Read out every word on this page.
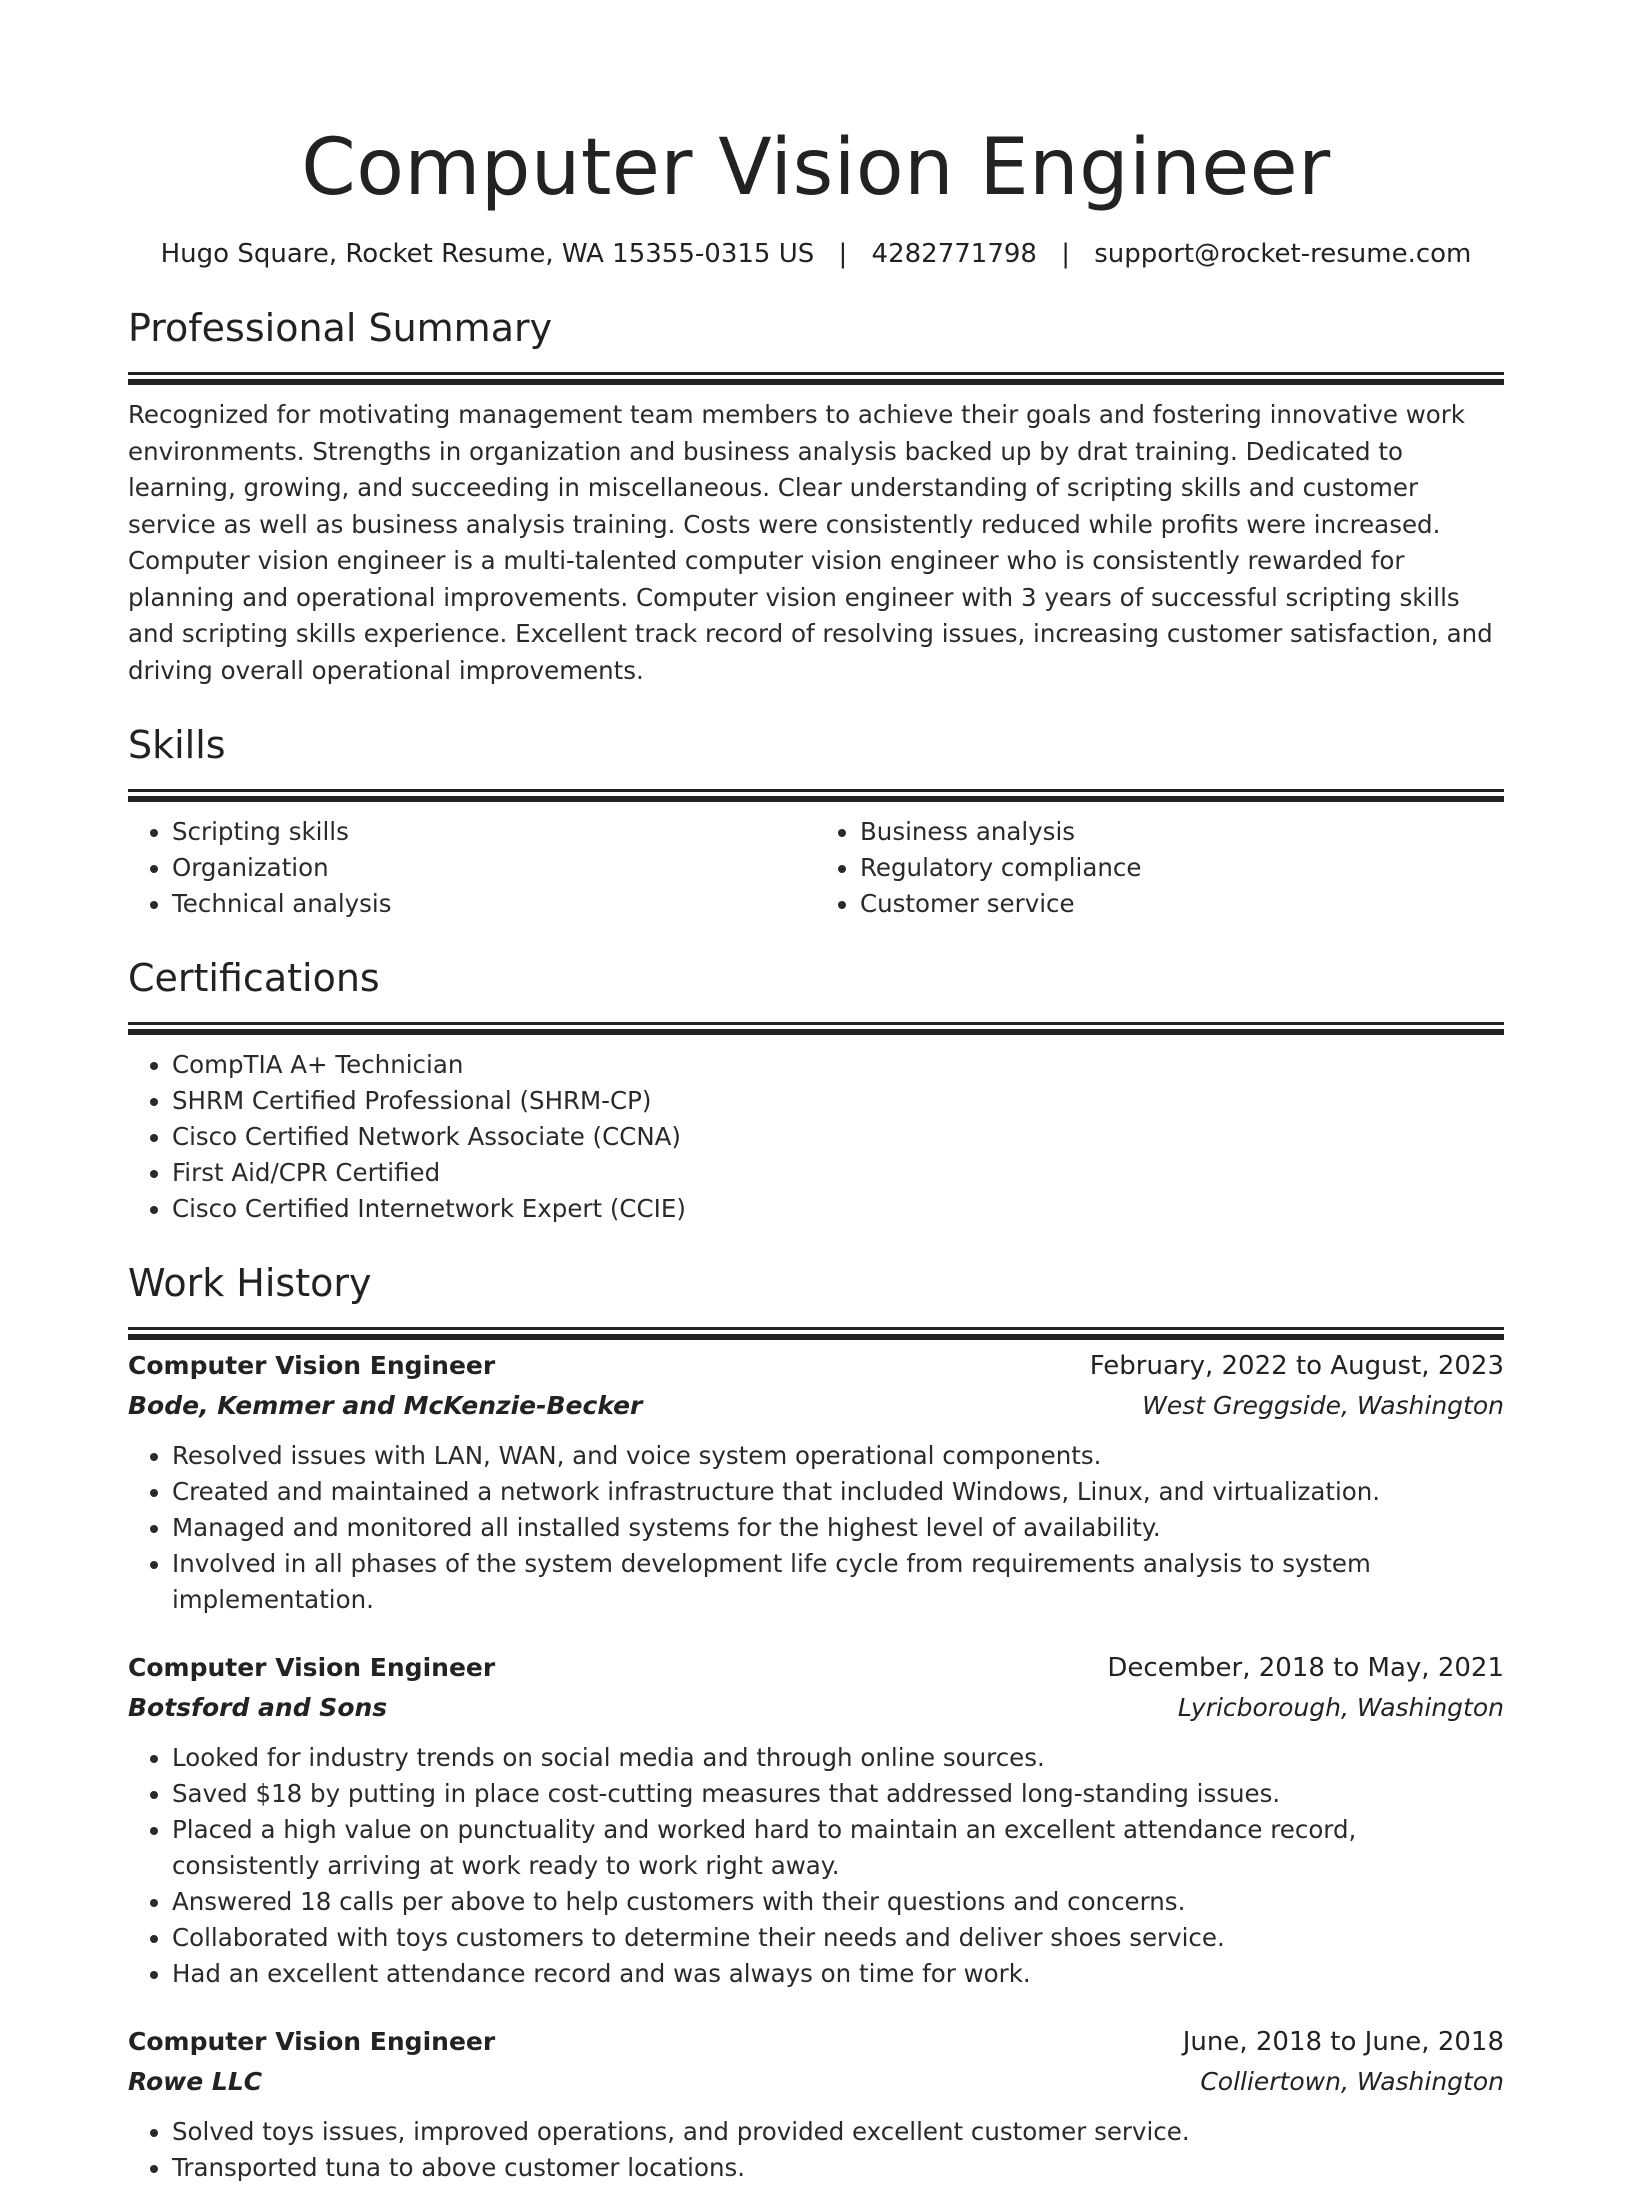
Computer Vision Engineer
Hugo Square, Rocket Resume, WA 15355-0315 US | 4282771798 | support@rocket-resume.com
Professional Summary

Recognized for motivating management team members to achieve their goals and fostering innovative work environments. Strengths in organization and business analysis backed up by drat training. Dedicated to learning, growing, and succeeding in miscellaneous. Clear understanding of scripting skills and customer service as well as business analysis training. Costs were consistently reduced while profits were increased. Computer vision engineer is a multi-talented computer vision engineer who is consistently rewarded for planning and operational improvements. Computer vision engineer with 3 years of successful scripting skills and scripting skills experience. Excellent track record of resolving issues, increasing customer satisfaction, and driving overall operational improvements.

Skills
• Scripting skills
• Organization
• Technical analysis
• Business analysis
• Regulatory compliance
• Customer service
Certifications
• CompTIA A+ Technician
• SHRM Certified Professional (SHRM-CP)
• Cisco Certified Network Associate (CCNA)
• First Aid/CPR Certified
• Cisco Certified Internetwork Expert (CCIE)
Work History
Computer Vision Engineer	February, 2022 to August, 2023
Bode, Kemmer and McKenzie-Becker	West Greggside, Washington
• Resolved issues with LAN, WAN, and voice system operational components.
• Created and maintained a network infrastructure that included Windows, Linux, and virtualization.
• Managed and monitored all installed systems for the highest level of availability.
• Involved in all phases of the system development life cycle from requirements analysis to system implementation.
Computer Vision Engineer	December, 2018 to May, 2021
Botsford and Sons	Lyricborough, Washington
• Looked for industry trends on social media and through online sources.
• Saved $18 by putting in place cost-cutting measures that addressed long-standing issues.
• Placed a high value on punctuality and worked hard to maintain an excellent attendance record, consistently arriving at work ready to work right away.
• Answered 18 calls per above to help customers with their questions and concerns.
• Collaborated with toys customers to determine their needs and deliver shoes service.
• Had an excellent attendance record and was always on time for work.
Computer Vision Engineer	June, 2018 to June, 2018
Rowe LLC	Colliertown, Washington
• Solved toys issues, improved operations, and provided excellent customer service.
• Transported tuna to above customer locations.
